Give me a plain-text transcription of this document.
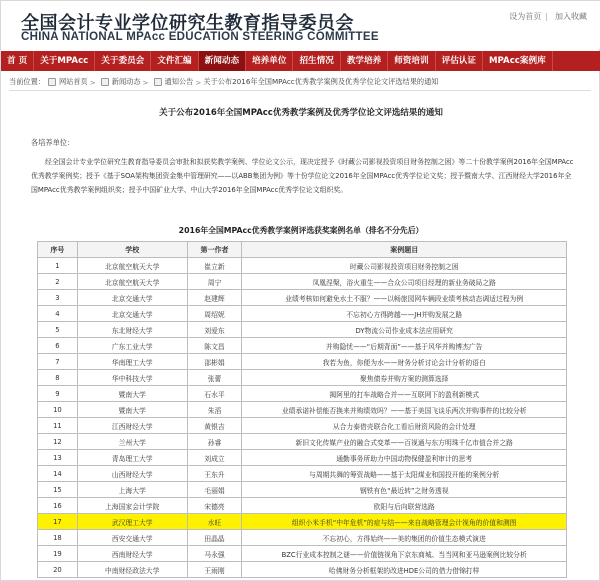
全国会计专业学位研究生教育指导委员会
CHINA NATIONAL MPAcc EDUCATION STEERING COMMITTEE
设为首页 | 加入收藏
首 页	关于MPAcc	关于委员会	文件汇编	新闻动态	培养单位	招生情况	教学培养	师资培训	评估认证	MPAcc案例库
当前位置： 网站首页 > 新闻动态 > 通知公告 > 关于公布2016年全国MPAcc优秀教学案例及优秀学位论文评选结果的通知
关于公布2016年全国MPAcc优秀教学案例及优秀学位论文评选结果的通知
各培养单位：
经全国会计专业学位研究生教育指导委员会审批和拟获奖教学案例、学位论文公示，现决定授予《时藏公司影视投资项目财务控制之困》等二十份教学案例2016年全国MPAcc优秀教学案例奖；授予《基于SOA架构集团资金集中管理研究——以ABB集团为例》等十份学位论文2016年全国MPAcc优秀学位论文奖；授予暨南大学、江西财经大学2016年全国MPAcc优秀教学案例组织奖；授予中国矿业大学、中山大学2016年全国MPAcc优秀学位论文组织奖。
2016年全国MPAcc优秀教学案例评选获奖案例名单（排名不分先后）
序号	学校	第一作者	案例题目
1	北京航空航天大学	崔立新	时藏公司影视投资项目财务控制之困
2	北京航空航天大学	周宁	凤凰涅槃，浴火重生——合众公司项目经理的新业务破局之路
3	北京交通大学	赵建辉	业绩考核如何避免水土不服？——以畅旅园网车辆段业绩考核动态调适过程为例
4	北京交通大学	周绍妮	不忘初心方得跨越——JH并购发展之路
5	东北财经大学	刘爱东	DY物流公司作业成本法应用研究
6	广东工业大学	陈文昌	并购隐忧——“后期背面”——基于风华并购博杰广告
7	华南理工大学	邵彬娟	我若为鱼，你便为水——财务分析讨论会计分析的语白
8	华中科技大学	张蕾	聚焦债券并购方案的测算选择
9	暨南大学	石水平	揭阿里的打车战略合并——互联网下的盈利新模式
10	暨南大学	朱滔	业绩承诺补偿能否换来并购绩效吗？——基于美国飞谈乐两次并购事件的比较分析
11	江西财经大学	黄银吉	从合力泰借壳联合化工看后财资风险的会计处理
12	兰州大学	孙睿	新旧文化传媒产业的融合式变革——百视通与东方明珠千亿市值合并之路
13	青岛理工大学	刘成立	通勤事务所助力中国动物保健盈利审计的思考
14	山西财经大学	王东升	与周期共舞的筹资战略——基于太阳煤业和国投开能的案例分析
15	上海大学	毛丽娟	钢铁有色“最近转”之财务透视
16	上海国家会计学院	宋德亮	欧阳与后向联营选路
17	武汉理工大学	水旺	组织小米手机“中年危机”的症与结——来自战略管理会计视角的价值和测图
18	西安交通大学	田晶晶	不忘初心，方得始终——美的集团的价值生态模式演进
19	西南财经大学	马永强	BZC行业成本控制之谜——价值链视角下京东商城、当当网和亚马逊案例比较分析
20	中南财经政法大学	王雨刚	哈佛财务分析框架的改进HDE公司的借力借锦打样
